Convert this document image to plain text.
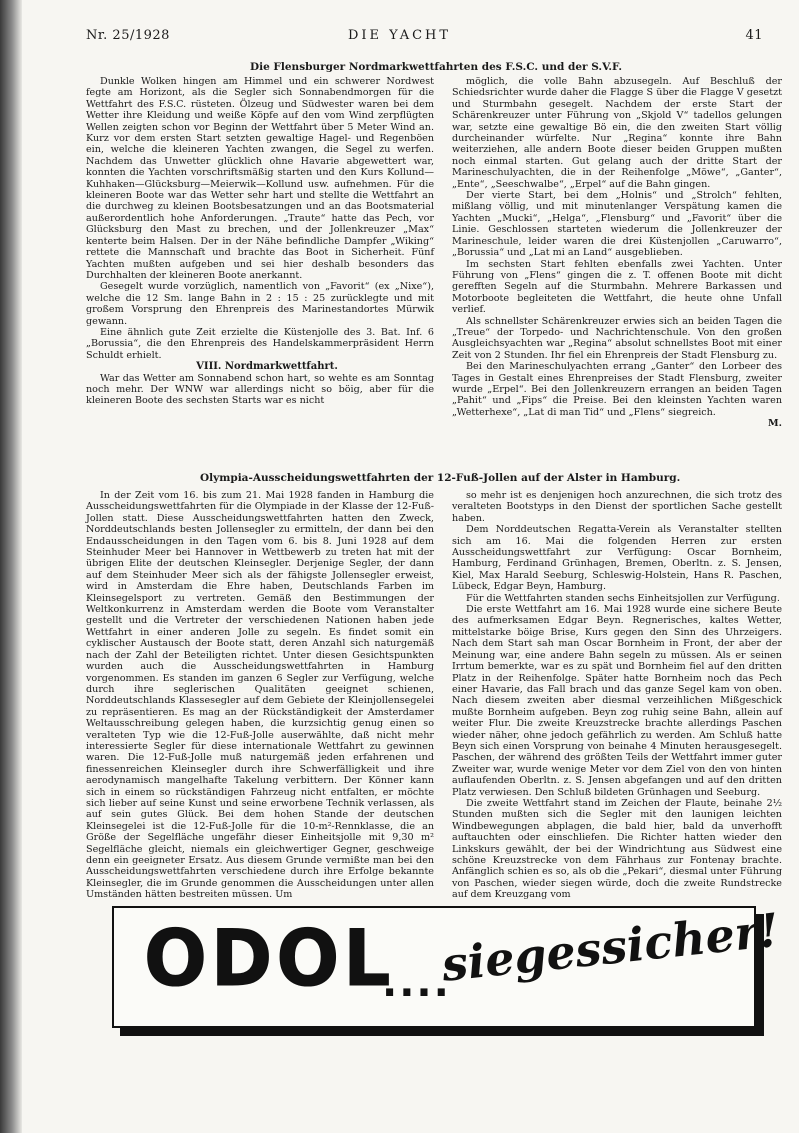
Nr. 25/1928	DIE YACHT	41
Die Flensburger Nordmarkwettfahrten des F.S.C. und der S.V.F.

Dunkle Wolken hingen am Himmel und ein schwerer Nordwest fegte am Horizont, als die Segler sich Sonnabendmorgen für die Wettfahrt des F.S.C. rüsteten. Ölzeug und Südwester waren bei dem Wetter ihre Kleidung und weiße Köpfe auf den vom Wind zerpflügten Wellen zeigten schon vor Beginn der Wettfahrt über 5 Meter Wind an. Kurz vor dem ersten Start setzten gewaltige Hagel- und Regenböen ein, welche die kleineren Yachten zwangen, die Segel zu werfen. Nachdem das Unwetter glücklich ohne Havarie abgewettert war, konnten die Yachten vorschriftsmäßig starten und den Kurs Kollund—Kuhhaken—Glücksburg—Meierwik—Kollund usw. aufnehmen. Für die kleineren Boote war das Wetter sehr hart und stellte die Wettfahrt an die durchweg zu kleinen Bootsbesatzungen und an das Bootsmaterial außerordentlich hohe Anforderungen. „Traute“ hatte das Pech, vor Glücksburg den Mast zu brechen, und der Jollenkreuzer „Max“ kenterte beim Halsen. Der in der Nähe befindliche Dampfer „Wiking“ rettete die Mannschaft und brachte das Boot in Sicherheit. Fünf Yachten mußten aufgeben und sei hier deshalb besonders das Durchhalten der kleineren Boote anerkannt.

Gesegelt wurde vorzüglich, namentlich von „Favorit“ (ex „Nixe“), welche die 12 Sm. lange Bahn in 2 : 15 : 25 zurücklegte und mit großem Vorsprung den Ehrenpreis des Marinestandortes Mürwik gewann.

Eine ähnlich gute Zeit erzielte die Küstenjolle des 3. Bat. Inf. 6 „Borussia“, die den Ehrenpreis des Handelskammerpräsident Herrn Schuldt erhielt.

VIII. Nordmarkwettfahrt.

War das Wetter am Sonnabend schon hart, so wehte es am Sonntag noch mehr. Der WNW war allerdings nicht so böig, aber für die kleineren Boote des sechsten Starts war es nicht

möglich, die volle Bahn abzusegeln. Auf Beschluß der Schiedsrichter wurde daher die Flagge S über die Flagge V gesetzt und Sturmbahn gesegelt. Nachdem der erste Start der Schärenkreuzer unter Führung von „Skjold V“ tadellos gelungen war, setzte eine gewaltige Bö ein, die den zweiten Start völlig durcheinander würfelte. Nur „Regina“ konnte ihre Bahn weiterziehen, alle andern Boote dieser beiden Gruppen mußten noch einmal starten. Gut gelang auch der dritte Start der Marineschulyachten, die in der Reihenfolge „Möwe“, „Ganter“, „Ente“, „Seeschwalbe“, „Erpel“ auf die Bahn gingen.

Der vierte Start, bei dem „Holnis“ und „Strolch“ fehlten, mißlang völlig, und mit minutenlanger Verspätung kamen die Yachten „Mucki“, „Helga“, „Flensburg“ und „Favorit“ über die Linie. Geschlossen starteten wiederum die Jollenkreuzer der Marineschule, leider waren die drei Küstenjollen „Caruwarro“, „Borussia“ und „Lat mi an Land“ ausgeblieben.

Im sechsten Start fehlten ebenfalls zwei Yachten. Unter Führung von „Flens“ gingen die z. T. offenen Boote mit dicht gerefften Segeln auf die Sturmbahn. Mehrere Barkassen und Motorboote begleiteten die Wettfahrt, die heute ohne Unfall verlief.

Als schnellster Schärenkreuzer erwies sich an beiden Tagen die „Treue“ der Torpedo- und Nachrichtenschule. Von den großen Ausgleichsyachten war „Regina“ absolut schnellstes Boot mit einer Zeit von 2 Stunden. Ihr fiel ein Ehrenpreis der Stadt Flensburg zu.

Bei den Marineschulyachten errang „Ganter“ den Lorbeer des Tages in Gestalt eines Ehrenpreises der Stadt Flensburg, zweiter wurde „Erpel“. Bei den Jollenkreuzern errangen an beiden Tagen „Pahit“ und „Fips“ die Preise. Bei den kleinsten Yachten waren „Wetterhexe“, „Lat di man Tid“ und „Flens“ siegreich.

M.

Olympia-Ausscheidungswettfahrten der 12-Fuß-Jollen auf der Alster in Hamburg.

In der Zeit vom 16. bis zum 21. Mai 1928 fanden in Hamburg die Ausscheidungswettfahrten für die Olympiade in der Klasse der 12-Fuß-Jollen statt. Diese Ausscheidungswettfahrten hatten den Zweck, Norddeutschlands besten Jollensegler zu ermitteln, der dann bei den Endausscheidungen in den Tagen vom 6. bis 8. Juni 1928 auf dem Steinhuder Meer bei Hannover in Wettbewerb zu treten hat mit der übrigen Elite der deutschen Kleinsegler. Derjenige Segler, der dann auf dem Steinhuder Meer sich als der fähigste Jollensegler erweist, wird in Amsterdam die Ehre haben, Deutschlands Farben im Kleinsegelsport zu vertreten. Gemäß den Bestimmungen der Weltkonkurrenz in Amsterdam werden die Boote vom Veranstalter gestellt und die Vertreter der verschiedenen Nationen haben jede Wettfahrt in einer anderen Jolle zu segeln. Es findet somit ein cyklischer Austausch der Boote statt, deren Anzahl sich naturgemäß nach der Zahl der Beteiligten richtet. Unter diesen Gesichtspunkten wurden auch die Ausscheidungswettfahrten in Hamburg vorgenommen. Es standen im ganzen 6 Segler zur Verfügung, welche durch ihre seglerischen Qualitäten geeignet schienen, Norddeutschlands Klassesegler auf dem Gebiete der Kleinjollensegelei zu repräsentieren. Es mag an der Rückständigkeit der Amsterdamer Weltausschreibung gelegen haben, die kurzsichtig genug einen so veralteten Typ wie die 12-Fuß-Jolle auserwählte, daß nicht mehr interessierte Segler für diese internationale Wettfahrt zu gewinnen waren. Die 12-Fuß-Jolle muß naturgemäß jeden erfahrenen und finessenreichen Kleinsegler durch ihre Schwerfälligkeit und ihre aerodynamisch mangelhafte Takelung verbittern. Der Könner kann sich in einem so rückständigen Fahrzeug nicht entfalten, er möchte sich lieber auf seine Kunst und seine erworbene Technik verlassen, als auf sein gutes Glück. Bei dem hohen Stande der deutschen Kleinsegelei ist die 12-Fuß-Jolle für die 10-m²-Rennklasse, die an Größe der Segelfläche ungefähr dieser Einheitsjolle mit 9,30 m² Segelfläche gleicht, niemals ein gleichwertiger Gegner, geschweige denn ein geeigneter Ersatz. Aus diesem Grunde vermißte man bei den Ausscheidungswettfahrten verschiedene durch ihre Erfolge bekannte Kleinsegler, die im Grunde genommen die Ausscheidungen unter allen Umständen hätten bestreiten müssen. Um

so mehr ist es denjenigen hoch anzurechnen, die sich trotz des veralteten Bootstyps in den Dienst der sportlichen Sache gestellt haben.

Dem Norddeutschen Regatta-Verein als Veranstalter stellten sich am 16. Mai die folgenden Herren zur ersten Ausscheidungswettfahrt zur Verfügung: Oscar Bornheim, Hamburg, Ferdinand Grünhagen, Bremen, Oberltn. z. S. Jensen, Kiel, Max Harald Seeburg, Schleswig-Holstein, Hans R. Paschen, Lübeck, Edgar Beyn, Hamburg.

Für die Wettfahrten standen sechs Einheitsjollen zur Verfügung.

Die erste Wettfahrt am 16. Mai 1928 wurde eine sichere Beute des aufmerksamen Edgar Beyn. Regnerisches, kaltes Wetter, mittelstarke böige Brise, Kurs gegen den Sinn des Uhrzeigers. Nach dem Start sah man Oscar Bornheim in Front, der aber der Meinung war, eine andere Bahn segeln zu müssen. Als er seinen Irrtum bemerkte, war es zu spät und Bornheim fiel auf den dritten Platz in der Reihenfolge. Später hatte Bornheim noch das Pech einer Havarie, das Fall brach und das ganze Segel kam von oben. Nach diesem zweiten aber diesmal verzeihlichen Mißgeschick mußte Bornheim aufgeben. Beyn zog ruhig seine Bahn, allein auf weiter Flur. Die zweite Kreuzstrecke brachte allerdings Paschen wieder näher, ohne jedoch gefährlich zu werden. Am Schluß hatte Beyn sich einen Vorsprung von beinahe 4 Minuten herausgesegelt. Paschen, der während des größten Teils der Wettfahrt immer guter Zweiter war, wurde wenige Meter vor dem Ziel von den von hinten auflaufenden Oberltn. z. S. Jensen abgefangen und auf den dritten Platz verwiesen. Den Schluß bildeten Grünhagen und Seeburg.

Die zweite Wettfahrt stand im Zeichen der Flaute, beinahe 2½ Stunden mußten sich die Segler mit den launigen leichten Windbewegungen abplagen, die bald hier, bald da unverhofft auftauchten oder einschliefen. Die Richter hatten wieder den Linkskurs gewählt, der bei der Windrichtung aus Südwest eine schöne Kreuzstrecke von dem Fährhaus zur Fontenay brachte. Anfänglich schien es so, als ob die „Pekari“, diesmal unter Führung von Paschen, wieder siegen würde, doch die zweite Rundstrecke auf dem Kreuzgang vom

ODOL
....
siegessicher!
